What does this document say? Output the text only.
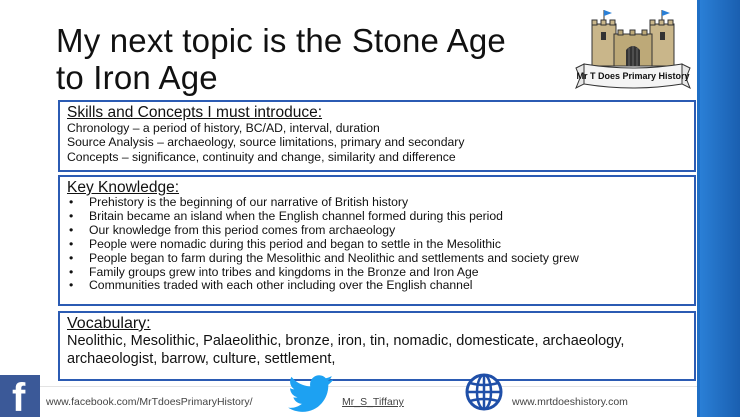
My next topic is the Stone Age
to Iron Age	Mr T Does Primary History
Skills and Concepts I must introduce:
Chronology – a period of history, BC/AD, interval, duration
Source Analysis – archaeology, source limitations, primary and secondary
Concepts – significance, continuity and change, similarity and difference
Key Knowledge:
• Prehistory is the beginning of our narrative of British history
• Britain became an island when the English channel formed during this period
• Our knowledge from this period comes from archaeology
• People were nomadic during this period and began to settle in the Mesolithic
• People began to farm during the Mesolithic and Neolithic and settlements and society grew
• Family groups grew into tribes and kingdoms in the Bronze and Iron Age
• Communities traded with each other including over the English channel
Vocabulary:
Neolithic, Mesolithic, Palaeolithic, bronze, iron, tin, nomadic, domesticate, archaeology,
archaeologist, barrow, culture, settlement,
f www.facebook.com/MrTdoesPrimaryHistory/	Mr_S_Tiffany	www.mrtdoeshistory.com
